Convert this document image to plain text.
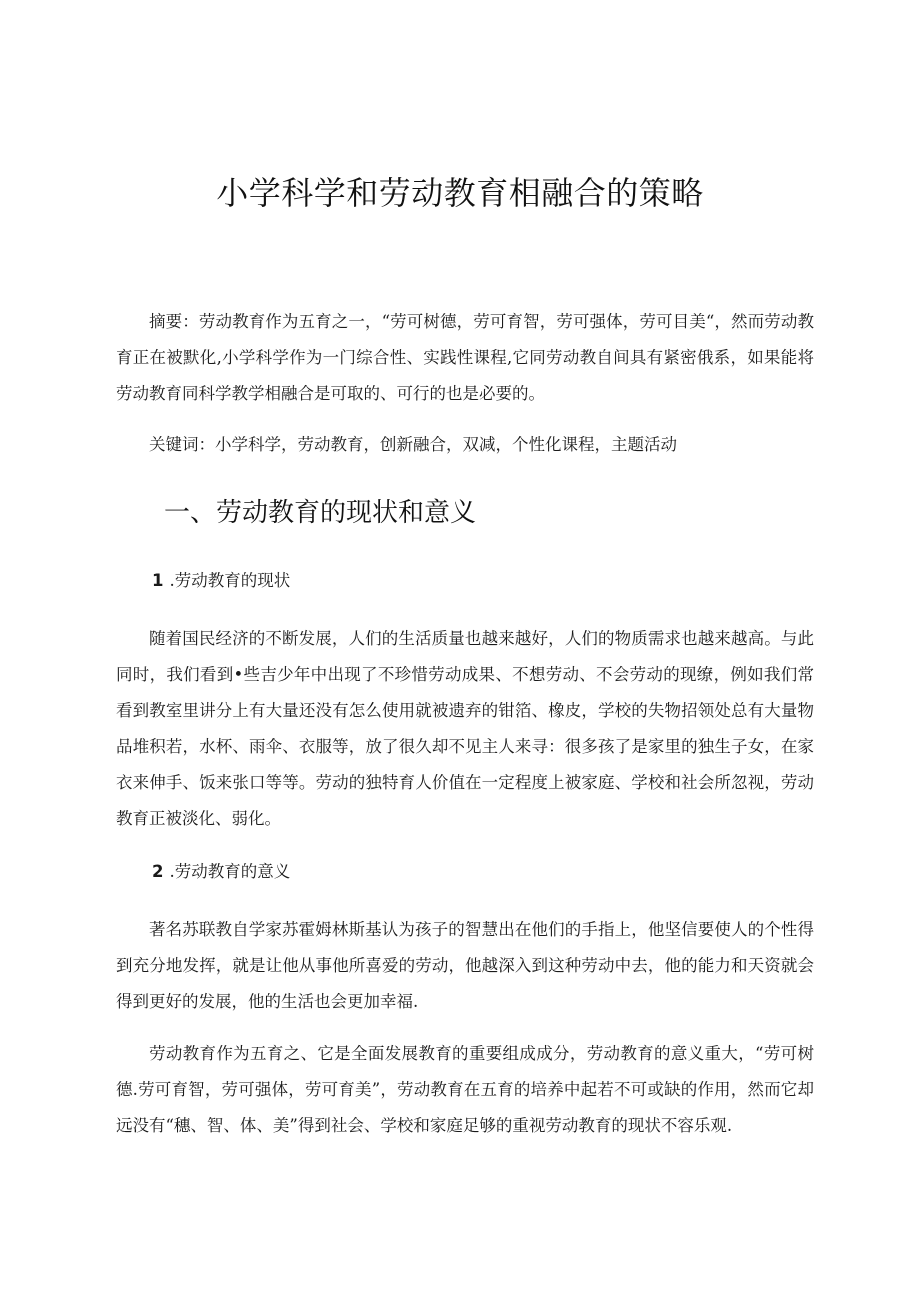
小学科学和劳动教育相融合的策略

摘要：劳动教育作为五育之一，“劳可树德，劳可育智，劳可强体，劳可目美“，然而劳动教育正在被默化,小学科学作为一门综合性、实践性课程,它同劳动教自间具有紧密俄系，如果能将劳动教育同科学教学相融合是可取的、可行的也是必要的。

关键词：小学科学，劳动教育，创新融合，双减，个性化课程，主题活动

一、劳动教育的现状和意义
1 .劳动教育的现状

随着国民经济的不断发展，人们的生活质量也越来越好，人们的物质需求也越来越高。与此同时，我们看到•些吉少年中出现了不珍惜劳动成果、不想劳动、不会劳动的现缭，例如我们常看到教室里讲分上有大量还没有怎么使用就被遗弃的钳箔、橡皮，学校的失物招领处总有大量物品堆积若，水杯、雨伞、衣服等，放了很久却不见主人来寻：很多孩了是家里的独生子女，在家衣来伸手、饭来张口等等。劳动的独特育人价值在一定程度上被家庭、学校和社会所忽视，劳动教育正被淡化、弱化。

2 .劳动教育的意义

著名苏联教自学家苏霍姆林斯基认为孩子的智慧出在他们的手指上，他坚信要使人的个性得到充分地发挥，就是让他从事他所喜爱的劳动，他越深入到这种劳动中去，他的能力和天资就会得到更好的发展，他的生活也会更加幸福.

劳动教育作为五育之、它是全面发展教育的重要组成成分，劳动教育的意义重大，“劳可树德.劳可育智，劳可强体，劳可育美”，劳动教育在五育的培养中起若不可或缺的作用，然而它却远没有“穗、智、体、美”得到社会、学校和家庭足够的重视劳动教育的现状不容乐观.
